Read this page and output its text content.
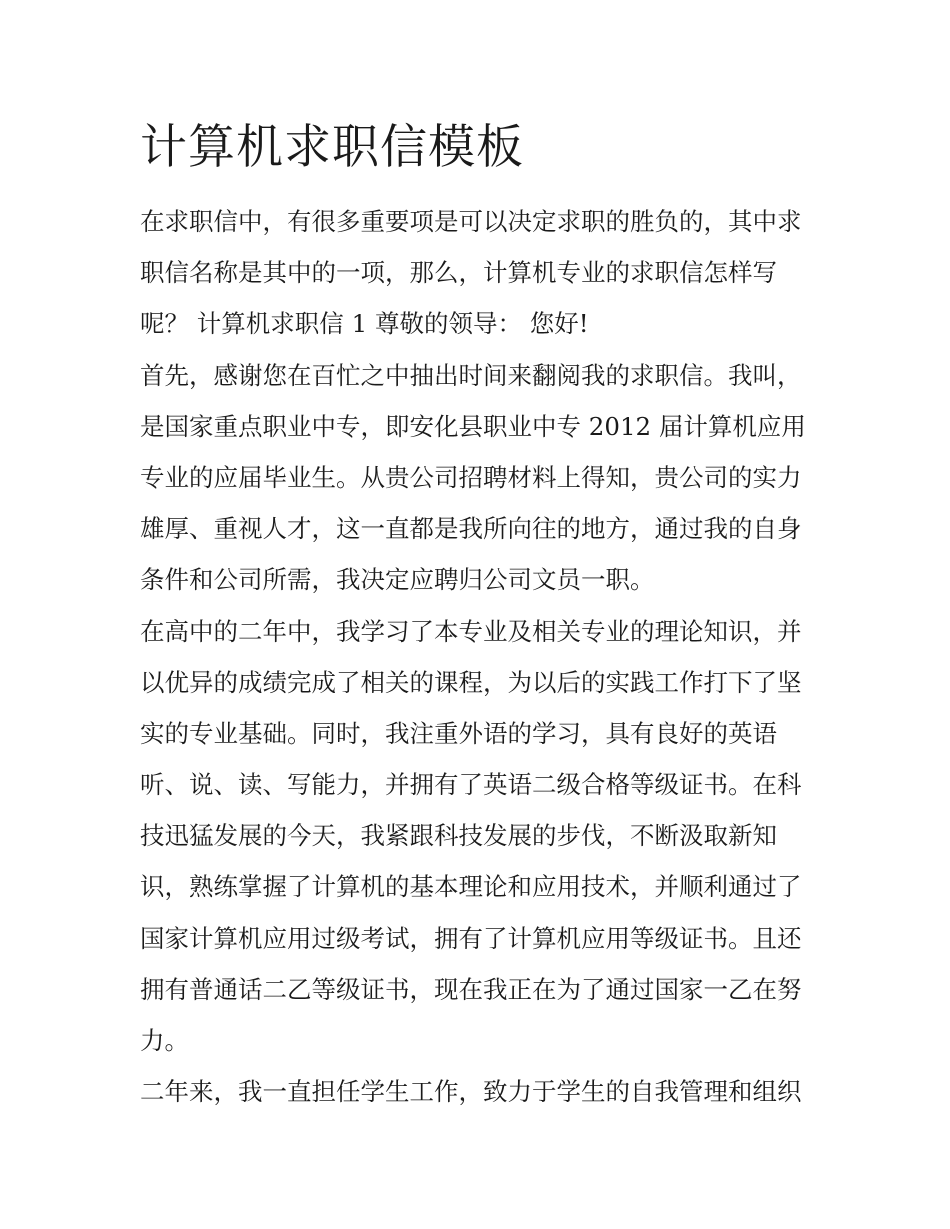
计算机求职信模板
在求职信中，有很多重要项是可以决定求职的胜负的，其中求
职信名称是其中的一项，那么，计算机专业的求职信怎样写
呢？ 计算机求职信 1 尊敬的领导： 您好!
首先，感谢您在百忙之中抽出时间来翻阅我的求职信。我叫，
是国家重点职业中专，即安化县职业中专 2012 届计算机应用
专业的应届毕业生。从贵公司招聘材料上得知，贵公司的实力
雄厚、重视人才，这一直都是我所向往的地方，通过我的自身
条件和公司所需，我决定应聘归公司文员一职。
在高中的二年中，我学习了本专业及相关专业的理论知识，并
以优异的成绩完成了相关的课程，为以后的实践工作打下了坚
实的专业基础。同时，我注重外语的学习，具有良好的英语
听、说、读、写能力，并拥有了英语二级合格等级证书。在科
技迅猛发展的今天，我紧跟科技发展的步伐，不断汲取新知
识，熟练掌握了计算机的基本理论和应用技术，并顺利通过了
国家计算机应用过级考试，拥有了计算机应用等级证书。且还
拥有普通话二乙等级证书，现在我正在为了通过国家一乙在努
力。
二年来，我一直担任学生工作，致力于学生的自我管理和组织
